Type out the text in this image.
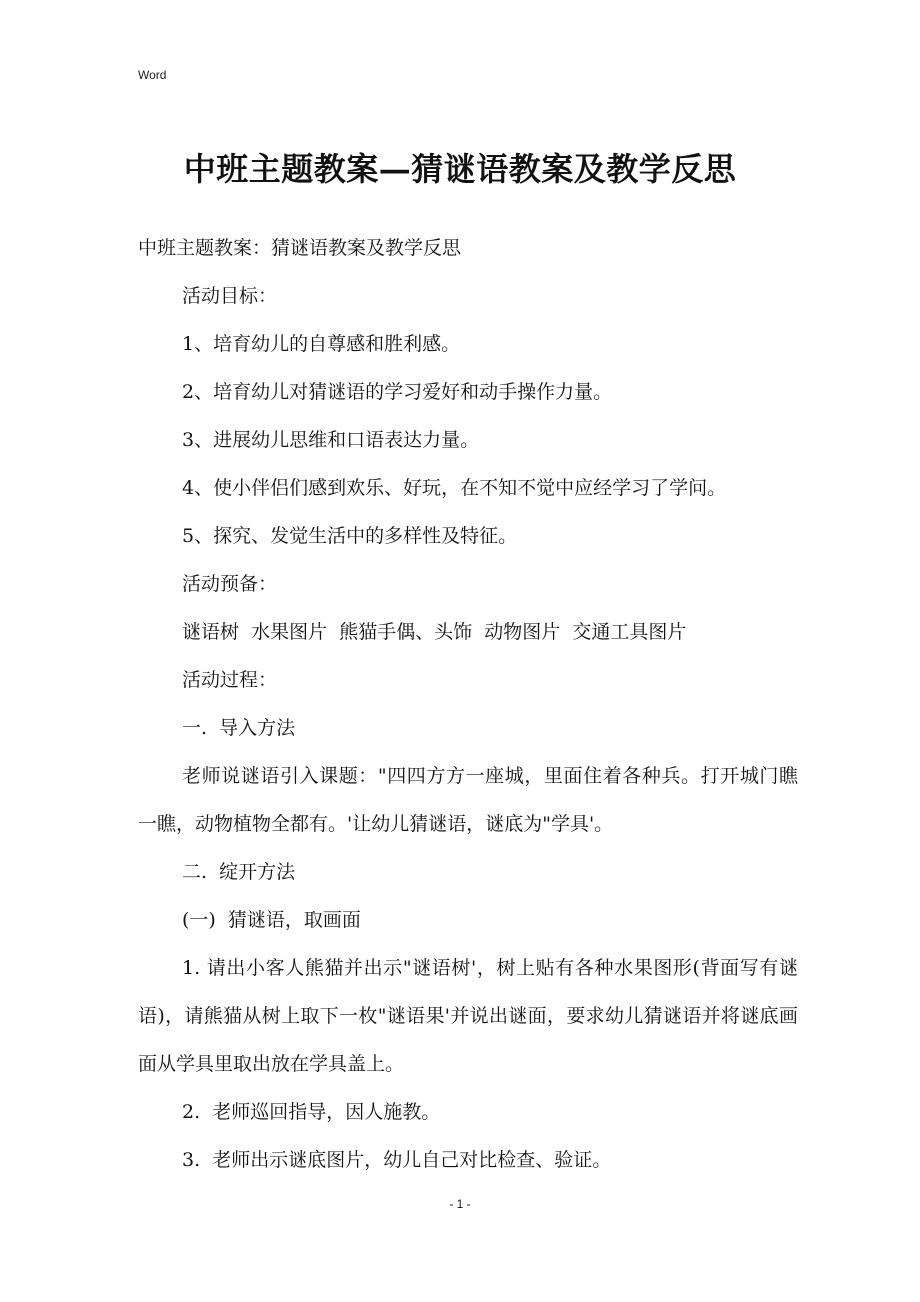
Word
中班主题教案—猜谜语教案及教学反思

中班主题教案：猜谜语教案及教学反思

活动目标：

1、培育幼儿的自尊感和胜利感。

2、培育幼儿对猜谜语的学习爱好和动手操作力量。

3、进展幼儿思维和口语表达力量。

4、使小伴侣们感到欢乐、好玩，在不知不觉中应经学习了学问。

5、探究、发觉生活中的多样性及特征。

活动预备：

谜语树  水果图片  熊猫手偶、头饰  动物图片  交通工具图片

活动过程：

一.  导入方法

老师说谜语引入课题："四四方方一座城，里面住着各种兵。打开城门瞧一瞧，动物植物全都有。'让幼儿猜谜语，谜底为"学具'。

二.  绽开方法

(一)  猜谜语，取画面

1. 请出小客人熊猫并出示"谜语树'，树上贴有各种水果图形(背面写有谜语)，请熊猫从树上取下一枚"谜语果'并说出谜面，要求幼儿猜谜语并将谜底画面从学具里取出放在学具盖上。

2.  老师巡回指导，因人施教。

3.  老师出示谜底图片，幼儿自己对比检查、验证。

- 1 -
